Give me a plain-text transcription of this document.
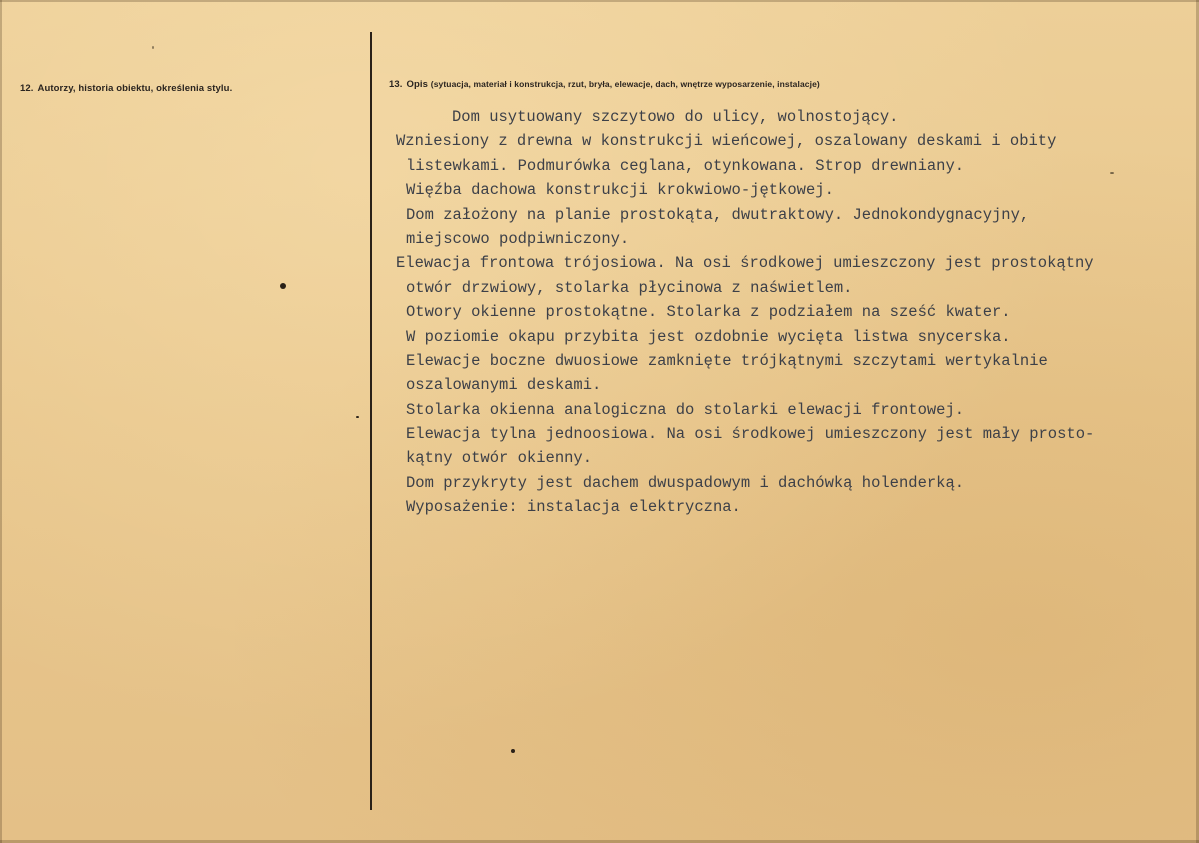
12. Autorzy, historia obiektu, określenia stylu.	13. Opis (sytuacja, materiał i konstrukcja, rzut, bryła, elewacje, dach, wnętrze wyposarzenie, instalacje)
Dom usytuowany szczytowo do ulicy, wolnostojący.
Wzniesiony z drewna w konstrukcji wieńcowej, oszalowany deskami i obity
listewkami. Podmurówka ceglana, otynkowana. Strop drewniany.
Więźba dachowa konstrukcji krokwiowo-jętkowej.
Dom założony na planie prostokąta, dwutraktowy. Jednokondygnacyjny,
miejscowo podpiwniczony.
Elewacja frontowa trójosiowa. Na osi środkowej umieszczony jest prostokątny
otwór drzwiowy, stolarka płycinowa z naświetlem.
Otwory okienne prostokątne. Stolarka z podziałem na sześć kwater.
W poziomie okapu przybita jest ozdobnie wycięta listwa snycerska.
Elewacje boczne dwuosiowe zamknięte trójkątnymi szczytami wertykalnie
oszalowanymi deskami.
Stolarka okienna analogiczna do stolarki elewacji frontowej.
Elewacja tylna jednoosiowa. Na osi środkowej umieszczony jest mały prosto-
kątny otwór okienny.
Dom przykryty jest dachem dwuspadowym i dachówką holenderką.
Wyposażenie: instalacja elektryczna.
